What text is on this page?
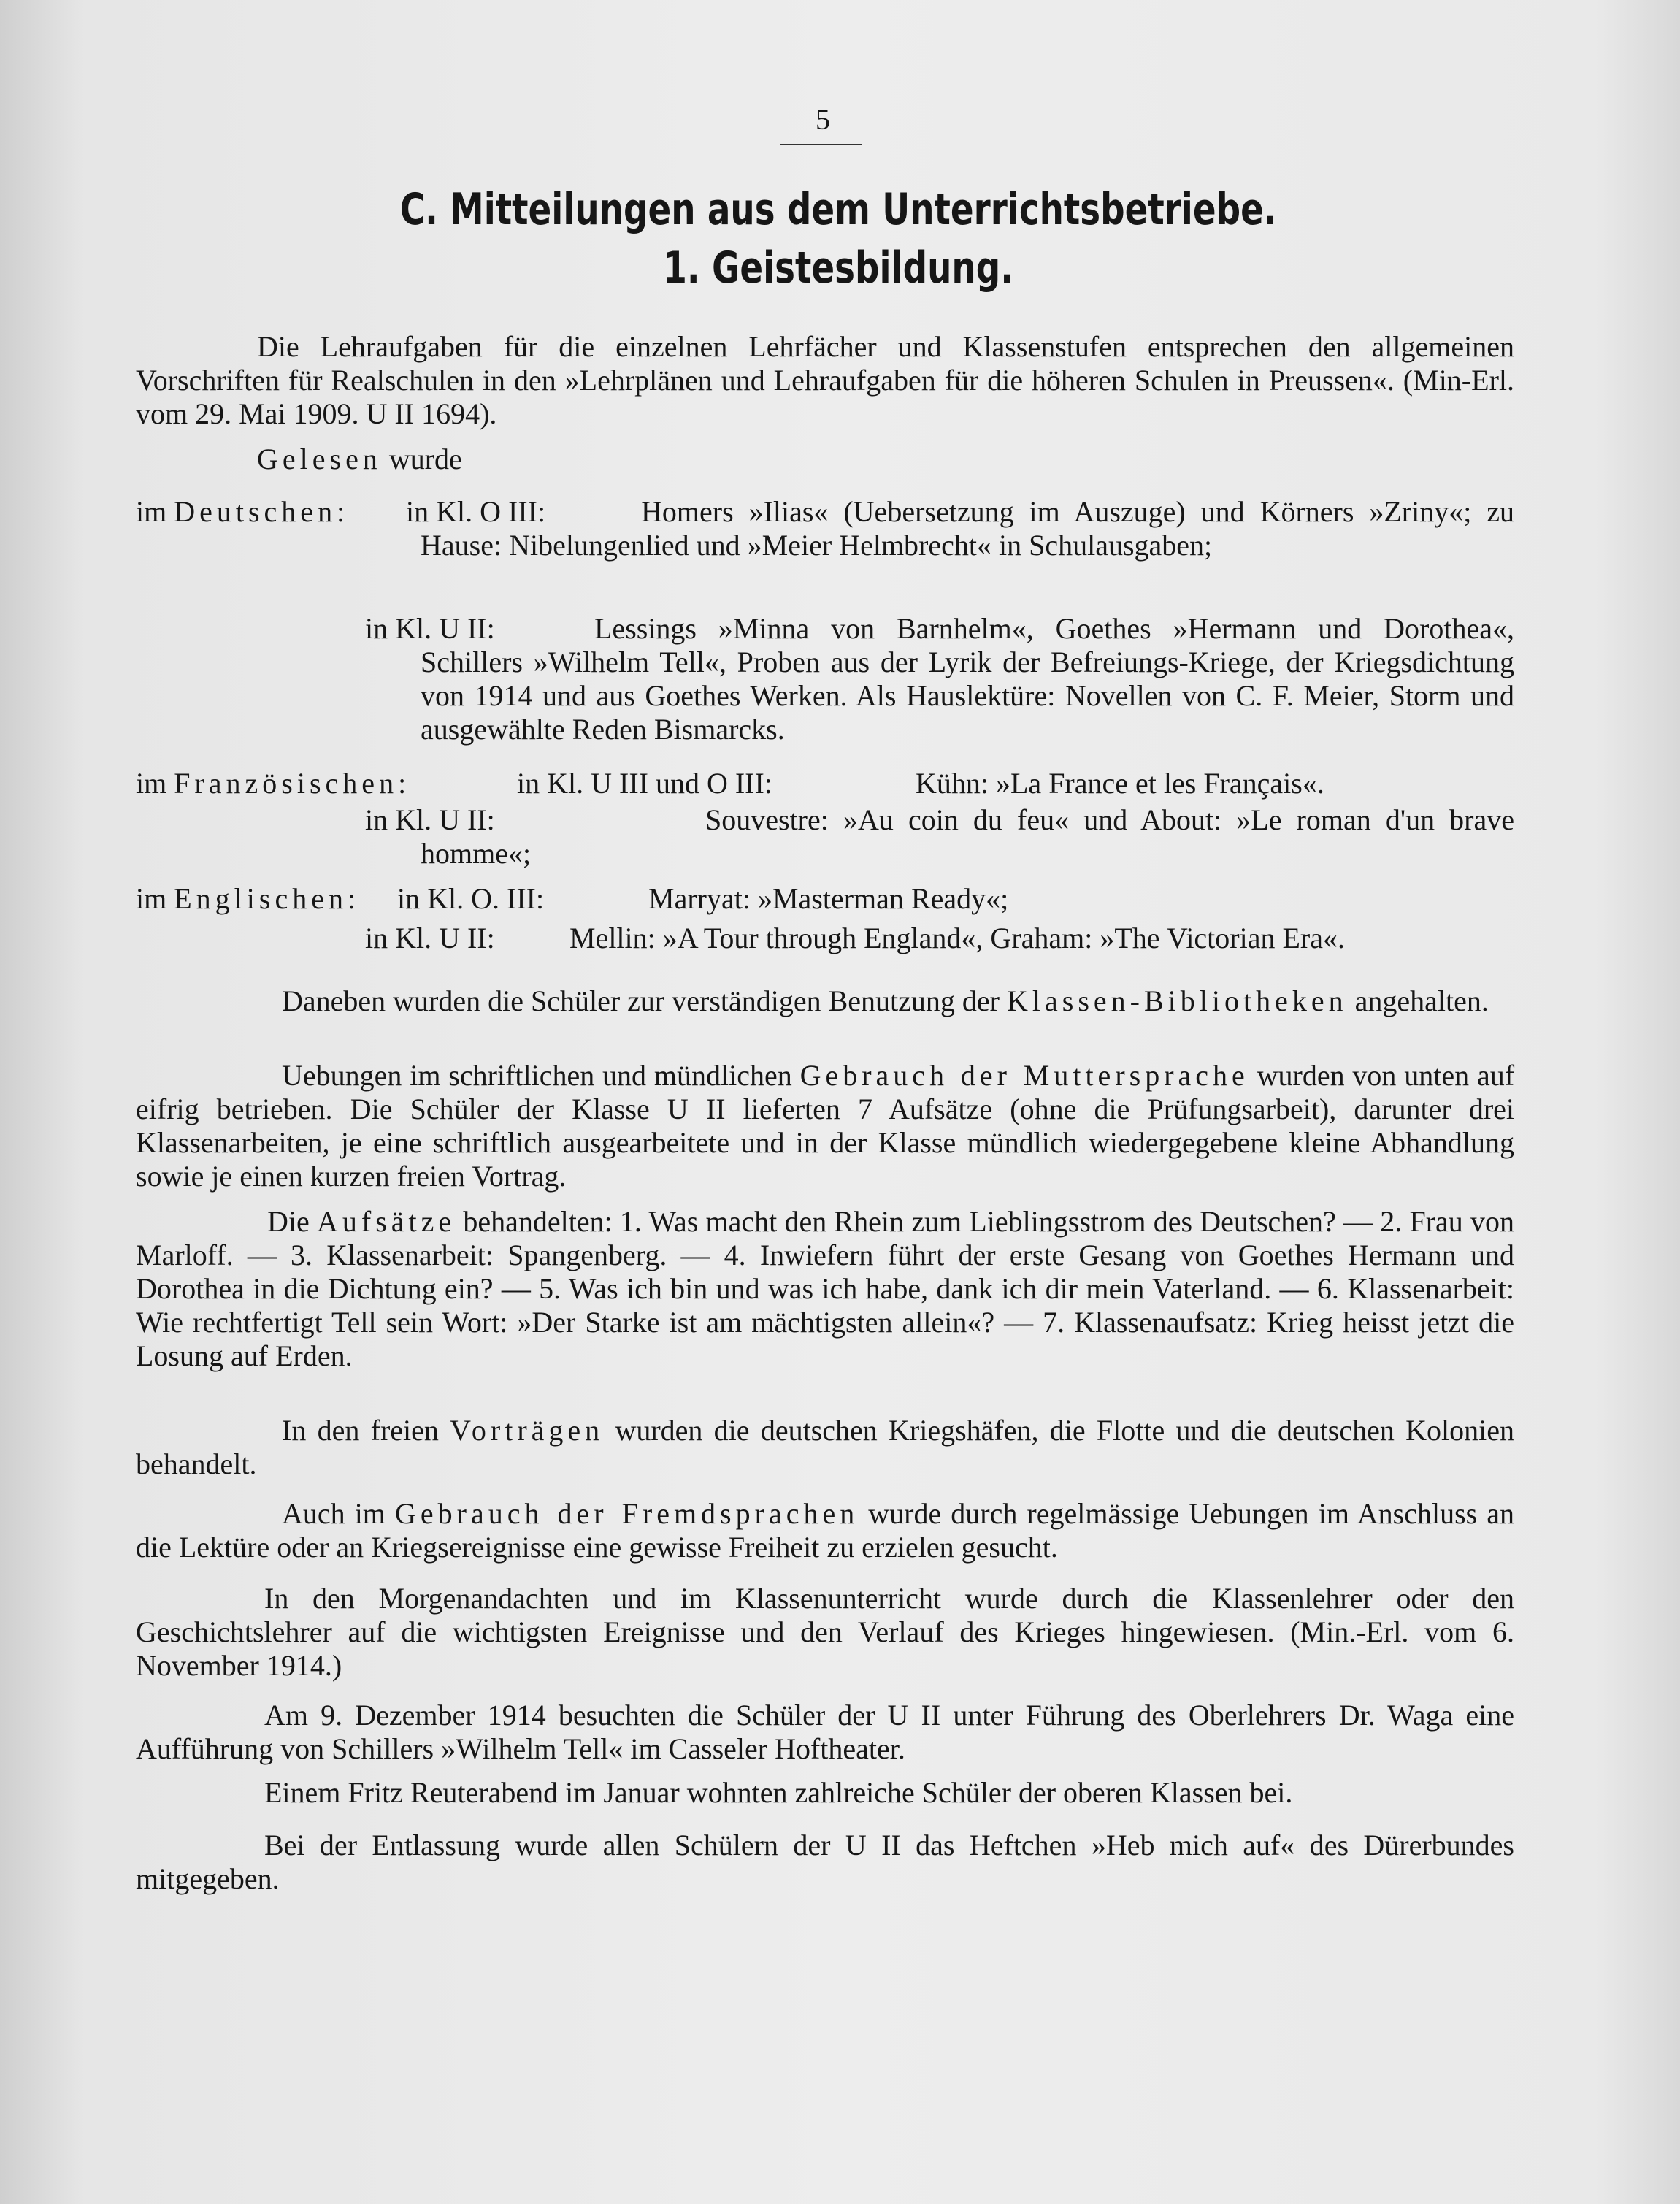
5
C. Mitteilungen aus dem Unterrichtsbetriebe.
1. Geistesbildung.

Die Lehraufgaben für die einzelnen Lehrfächer und Klassenstufen entsprechen den allgemeinen Vorschriften für Realschulen in den »Lehrplänen und Lehraufgaben für die höheren Schulen in Preussen«. (Min-Erl. vom 29. Mai 1909. U II 1694).

Gelesen wurde
im Deutschen: in Kl. O III:	Homers »Ilias« (Uebersetzung im Auszuge) und Körners »Zriny«; zu Hause: Nibelungenlied und »Meier Helmbrecht« in Schulausgaben;

in Kl. U II:	Lessings »Minna von Barnhelm«, Goethes »Hermann und Dorothea«, Schillers »Wilhelm Tell«, Proben aus der Lyrik der Befreiungs-Kriege, der Kriegsdichtung von 1914 und aus Goethes Werken. Als Hauslektüre: Novellen von C. F. Meier, Storm und ausgewählte Reden Bismarcks.

im Französischen:	in Kl. U III und O III:	Kühn: »La France et les Français«.
in Kl. U II:	Souvestre: »Au coin du feu« und About: »Le roman d'un brave homme«;

im Englischen: in Kl. O. III:	Marryat: »Masterman Ready«;
in Kl. U II:	Mellin: »A Tour through England«, Graham: »The Victorian Era«.

Daneben wurden die Schüler zur verständigen Benutzung der Klassen-Bibliotheken angehalten.

Uebungen im schriftlichen und mündlichen Gebrauch der Muttersprache wurden von unten auf eifrig betrieben. Die Schüler der Klasse U II lieferten 7 Aufsätze (ohne die Prüfungsarbeit), darunter drei Klassenarbeiten, je eine schriftlich ausgearbeitete und in der Klasse mündlich wiedergegebene kleine Abhandlung sowie je einen kurzen freien Vortrag.

Die Aufsätze behandelten: 1. Was macht den Rhein zum Lieblingsstrom des Deutschen? — 2. Frau von Marloff. — 3. Klassenarbeit: Spangenberg. — 4. Inwiefern führt der erste Gesang von Goethes Hermann und Dorothea in die Dichtung ein? — 5. Was ich bin und was ich habe, dank ich dir mein Vaterland. — 6. Klassenarbeit: Wie rechtfertigt Tell sein Wort: »Der Starke ist am mächtigsten allein«? — 7. Klassenaufsatz: Krieg heisst jetzt die Losung auf Erden.

In den freien Vorträgen wurden die deutschen Kriegshäfen, die Flotte und die deutschen Kolonien behandelt.

Auch im Gebrauch der Fremdsprachen wurde durch regelmässige Uebungen im Anschluss an die Lektüre oder an Kriegsereignisse eine gewisse Freiheit zu erzielen gesucht.

In den Morgenandachten und im Klassenunterricht wurde durch die Klassenlehrer oder den Geschichtslehrer auf die wichtigsten Ereignisse und den Verlauf des Krieges hingewiesen. (Min.-Erl. vom 6. November 1914.)

Am 9. Dezember 1914 besuchten die Schüler der U II unter Führung des Oberlehrers Dr. Waga eine Aufführung von Schillers »Wilhelm Tell« im Casseler Hoftheater.

Einem Fritz Reuterabend im Januar wohnten zahlreiche Schüler der oberen Klassen bei.

Bei der Entlassung wurde allen Schülern der U II das Heftchen »Heb mich auf« des Dürerbundes mitgegeben.
